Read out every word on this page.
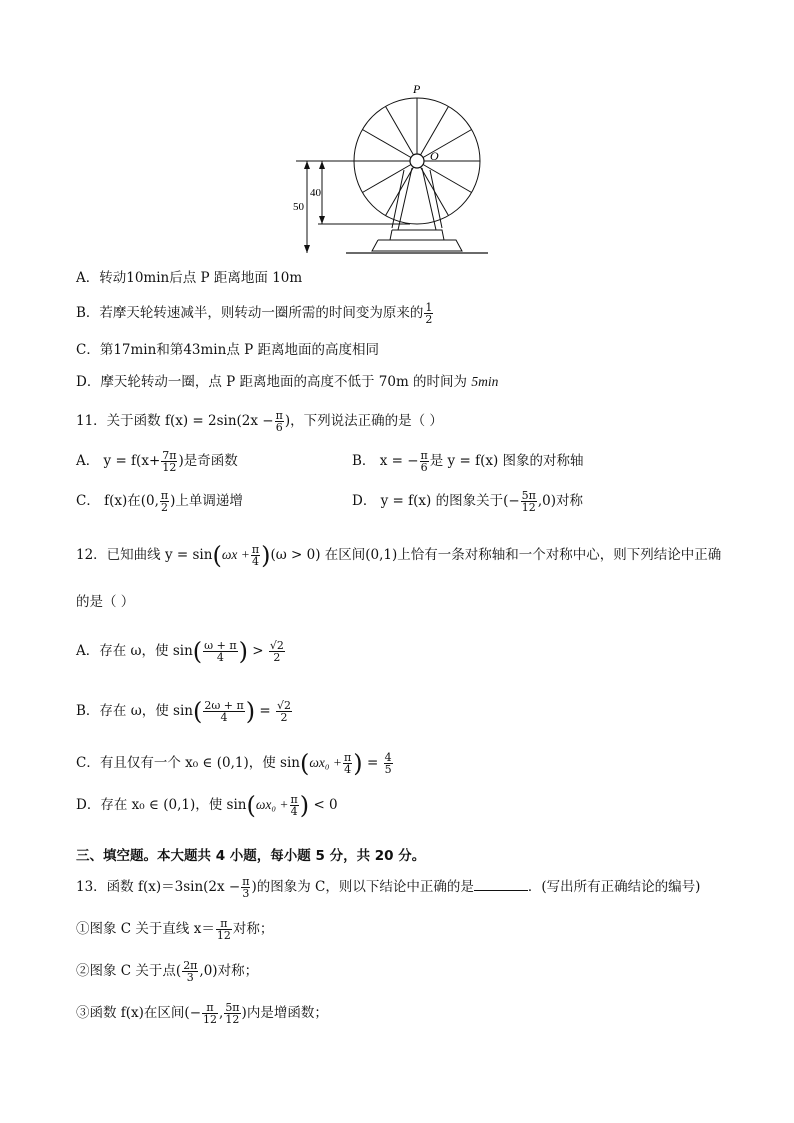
P
O
50
40
A．转动10min后点 P 距离地面 10m
B．若摩天轮转速减半，则转动一圈所需的时间变为原来的 $\frac{1}{2}$
C．第17min和第43min点 P 距离地面的高度相同
D．摩天轮转动一圈，点 P 距离地面的高度不低于 70m 的时间为 5min
11．关于函数 $f(x) = 2\sin(2x - \frac{\pi}{6}$ )，下列说法正确的是（ ）
A． $y = f(x+ \frac{7\pi}{12}$ )是奇函数	B． x = − $\frac{\pi}{6}$ 是 y = f(x) 图象的对称轴
C． f(x)在(0, $\frac{\pi}{2}$ )上单调递增	D． y = f(x) 的图象关于(− $\frac{5\pi}{12} ,0$)对称
12．已知曲线 $y = \sin(\omega x + \frac{\pi}{4} )(\omega > 0)$ 在区间(0,1)上恰有一条对称轴和一个对称中心，则下列结论中正确
的是（ ）
A．存在 ω，使 $\sin( \frac{\omega + \pi}{4}$ ) > $\frac{√2}{2}$
B．存在 ω，使 $\sin( \frac{2\omega + \pi}{4}$ ) = $\frac{√2}{2}$
C．有且仅有一个 x₀ ∈ (0,1)，使 $\sin(\omega x_0 + \frac{\pi}{4}$ ) = $\frac{4}{5}$
D．存在 x₀ ∈ (0,1)，使 $\sin(\omega x_0 + \frac{\pi}{4}$ ) < 0
三、填空题。本大题共 4 小题，每小题 5 分，共 20 分。
13．函数 $f(x)=3\sin(2x - \frac{\pi}{3}$ )的图象为 C，则以下结论中正确的是	．(写出所有正确结论的编号)
①图象 C 关于直线 $x= \frac{\pi}{12}$ 对称；
②图象 C 关于点( $\frac{2\pi}{3} ,0$)对称；
③函数 f(x)在区间(− $\frac{\pi}{12}$ , $\frac{5\pi}{12}$ )内是增函数；
